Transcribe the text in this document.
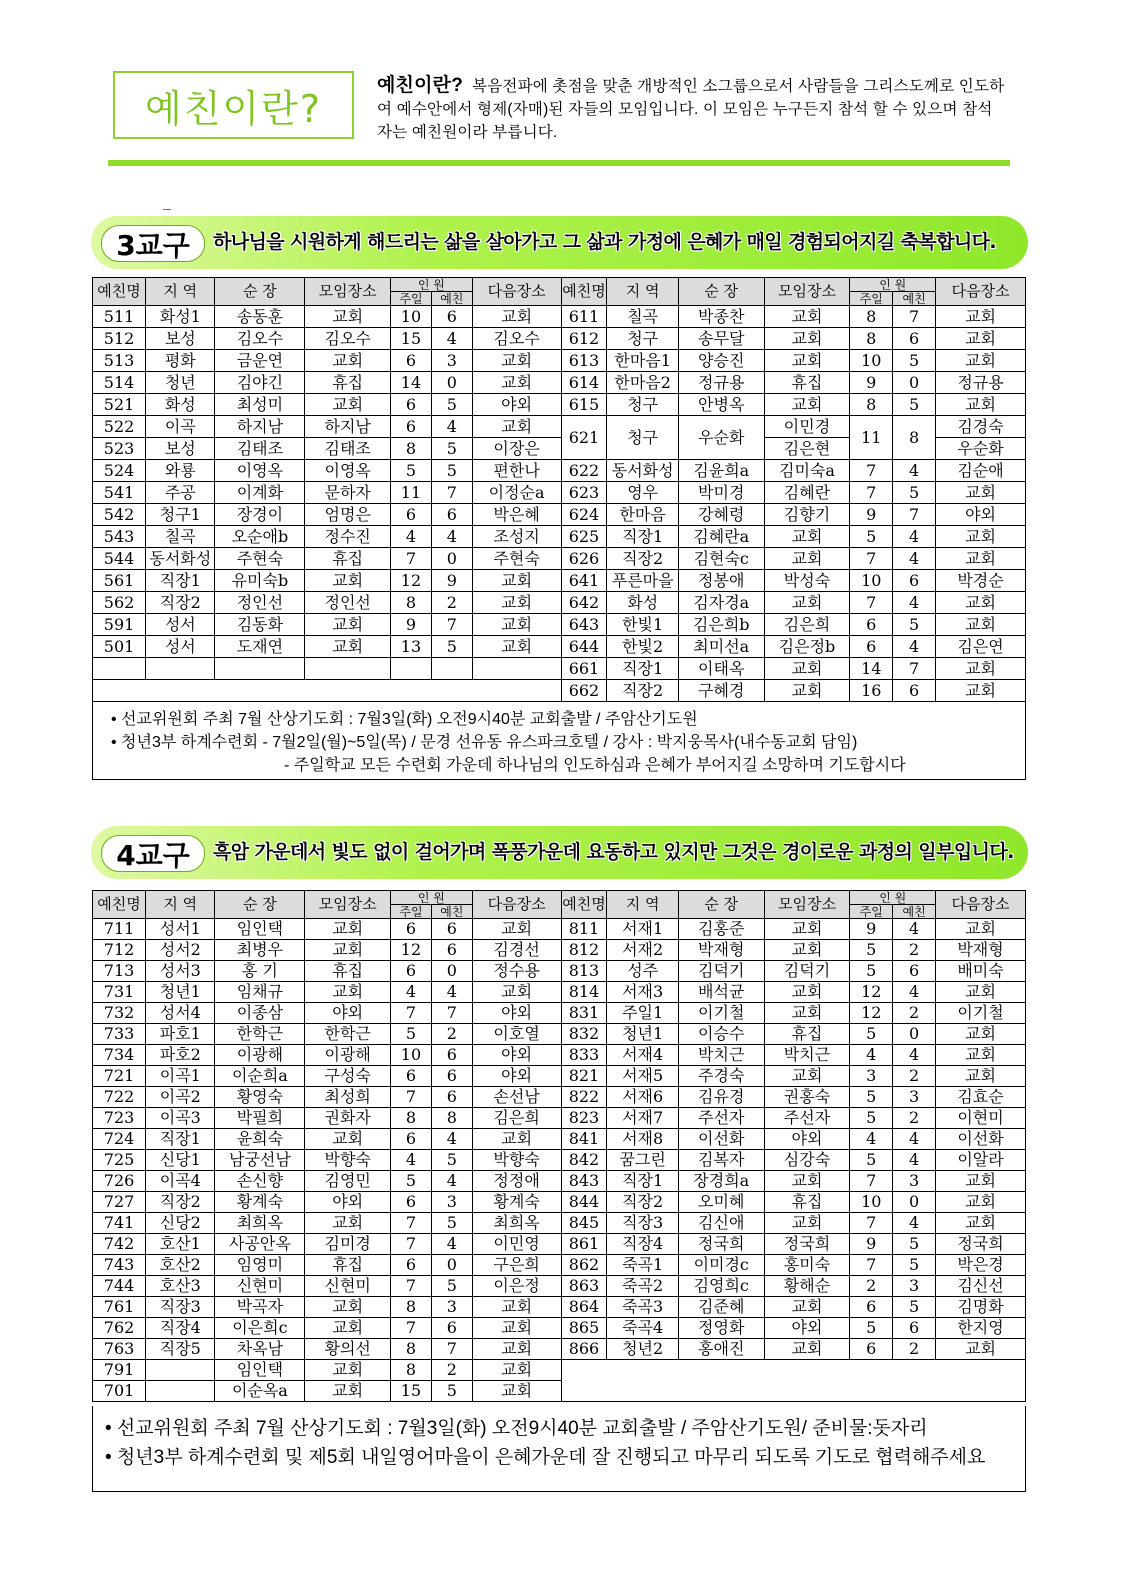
예친이란?
예친이란? 복음전파에 촛점을 맞춘 개방적인 소그룹으로서 사람들을 그리스도께로 인도하여 예수안에서 형제(자매)된 자들의 모임입니다. 이 모임은 누구든지 참석 할 수 있으며 참석자는 예친원이라 부릅니다.
3교구	하나님을 시원하게 해드리는 삶을 살아가고 그 삶과 가정에 은혜가 매일 경험되어지길 축복합니다.
예친명	지 역	순 장	모임장소	인 원		다음장소	예친명	지 역	순 장	모임장소	인 원		다음장소
				주일	예친						주일	예친	
511	화성1	송동훈	교회	10	6	교회	611	칠곡	박종찬	교회	8	7	교회
512	보성	김오수	김오수	15	4	김오수	612	청구	송무달	교회	8	6	교회
513	평화	금운연	교회	6	3	교회	613	한마음1	양승진	교회	10	5	교회
514	청년	김야긴	휴집	14	0	교회	614	한마음2	정규용	휴집	9	0	정규용
521	화성	최성미	교회	6	5	야외	615	청구	안병옥	교회	8	5	교회
522	이곡	하지남	하지남	6	4	교회	621	청구	우순화	이민경	11	8	김경숙
523	보성	김태조	김태조	8	5	이장은				김은현			우순화
524	와룡	이영옥	이영옥	5	5	편한나	622	동서화성	김윤희a	김미숙a	7	4	김순애
541	주공	이계화	문하자	11	7	이정순a	623	영우	박미경	김혜란	7	5	교회
542	청구1	장경이	엄명은	6	6	박은혜	624	한마음	강혜령	김향기	9	7	야외
543	칠곡	오순애b	정수진	4	4	조성지	625	직장1	김혜란a	교회	5	4	교회
544	동서화성	주현숙	휴집	7	0	주현숙	626	직장2	김현숙c	교회	7	4	교회
561	직장1	유미숙b	교회	12	9	교회	641	푸른마을	정봉애	박성숙	10	6	박경순
562	직장2	정인선	정인선	8	2	교회	642	화성	김자경a	교회	7	4	교회
591	성서	김동화	교회	9	7	교회	643	한빛1	김은희b	김은희	6	5	교회
501	성서	도재연	교회	13	5	교회	644	한빛2	최미선a	김은정b	6	4	김은연
							661	직장1	이태옥	교회	14	7	교회
							662	직장2	구혜경	교회	16	6	교회
• 선교위원회 주최 7월 산상기도회 : 7월3일(화) 오전9시40분 교회출발 / 주암산기도원
• 청년3부 하계수련회 - 7월2일(월)~5일(목) / 문경 선유동 유스파크호텔 / 강사 : 박지웅목사(내수동교회 담임)
- 주일학교 모든 수련회 가운데 하나님의 인도하심과 은혜가 부어지길 소망하며 기도합시다
4교구	흑암 가운데서 빛도 없이 걸어가며 폭풍가운데 요동하고 있지만 그것은 경이로운 과정의 일부입니다.
예친명	지 역	순 장	모임장소	인 원		다음장소	예친명	지 역	순 장	모임장소	인 원		다음장소
				주일	예친						주일	예친	
711	성서1	임인택	교회	6	6	교회	811	서재1	김홍준	교회	9	4	교회
712	성서2	최병우	교회	12	6	김경선	812	서재2	박재형	교회	5	2	박재형
713	성서3	홍 기	휴집	6	0	정수용	813	성주	김덕기	김덕기	5	6	배미숙
731	청년1	임채규	교회	4	4	교회	814	서재3	배석균	교회	12	4	교회
732	성서4	이종삼	야외	7	7	야외	831	주일1	이기철	교회	12	2	이기철
733	파호1	한학근	한학근	5	2	이호열	832	청년1	이승수	휴집	5	0	교회
734	파호2	이광해	이광해	10	6	야외	833	서재4	박치근	박치근	4	4	교회
721	이곡1	이순희a	구성숙	6	6	야외	821	서재5	주경숙	교회	3	2	교회
722	이곡2	황영숙	최성희	7	6	손선남	822	서재6	김유경	권홍숙	5	3	김효순
723	이곡3	박필희	권화자	8	8	김은희	823	서재7	주선자	주선자	5	2	이현미
724	직장1	윤희숙	교회	6	4	교회	841	서재8	이선화	야외	4	4	이선화
725	신당1	남궁선남	박향숙	4	5	박향숙	842	꿈그린	김복자	심강숙	5	4	이알라
726	이곡4	손신향	김영민	5	4	정정애	843	직장1	장경희a	교회	7	3	교회
727	직장2	황계숙	야외	6	3	황계숙	844	직장2	오미혜	휴집	10	0	교회
741	신당2	최희옥	교회	7	5	최희옥	845	직장3	김신애	교회	7	4	교회
742	호산1	사공안옥	김미경	7	4	이민영	861	직장4	정국희	정국희	9	5	정국희
743	호산2	임영미	휴집	6	0	구은희	862	죽곡1	이미경c	홍미숙	7	5	박은경
744	호산3	신현미	신현미	7	5	이은정	863	죽곡2	김영희c	황해순	2	3	김신선
761	직장3	박곡자	교회	8	3	교회	864	죽곡3	김준혜	교회	6	5	김명화
762	직장4	이은희c	교회	7	6	교회	865	죽곡4	정영화	야외	5	6	한지영
763	직장5	차옥남	황의선	8	7	교회	866	청년2	홍애진	교회	6	2	교회
791		임인택	교회	8	2	교회							
701		이순옥a	교회	15	5	교회							
• 선교위원회 주최 7월 산상기도회 : 7월3일(화) 오전9시40분 교회출발 / 주암산기도원/ 준비물:돗자리
• 청년3부 하계수련회 및 제5회 내일영어마을이 은혜가운데 잘 진행되고 마무리 되도록 기도로 협력해주세요
